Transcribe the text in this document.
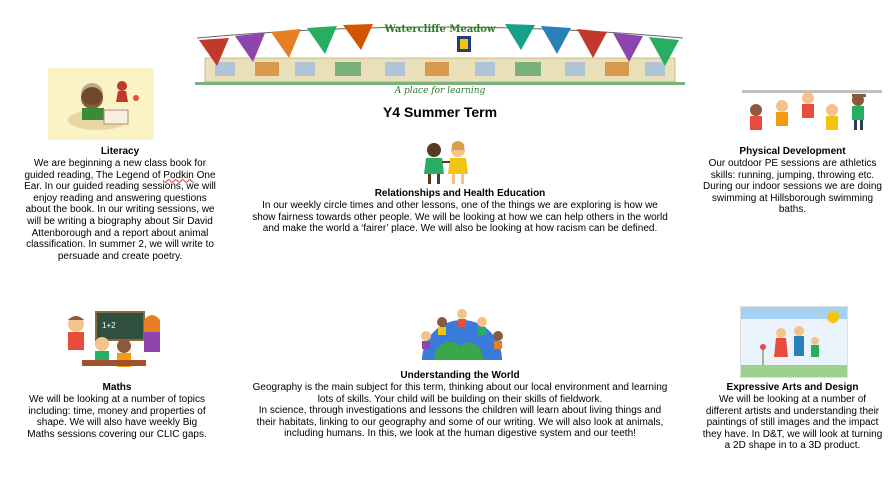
Watercliffe Meadow
A place for learning
Y4 Summer Term
Literacy
We are beginning a new class book for guided reading, The Legend of Podkin One Ear. In our guided reading sessions, we will enjoy reading and answering questions about the book. In our writing sessions, we will be writing a biography about Sir David Attenborough and a report about animal classification. In summer 2, we will write to persuade and create poetry.
Relationships and Health Education
In our weekly circle times and other lessons, one of the things we are exploring is how we show fairness towards other people. We will be looking at how we can help others in the world and make the world a ‘fairer’ place. We will also be looking at how racism can be defined.
Physical Development
Our outdoor PE sessions are athletics skills: running, jumping, throwing etc. During our indoor sessions we are doing swimming at Hillsborough swimming baths.
1+2
Maths
We will be looking at a number of topics including: time, money and properties of shape. We will also have weekly Big Maths sessions covering our CLIC gaps.
Understanding the World
Geography is the main subject for this term, thinking about our local environment and learning lots of skills. Your child will be building on their skills of fieldwork.
In science, through investigations and lessons the children will learn about living things and their habitats, linking to our geography and some of our writing. We will also look at animals, including humans. In this, we look at the human digestive system and our teeth!
Expressive Arts and Design
We will be looking at a number of different artists and understanding their paintings of still images and the impact they have. In D&T, we will look at turning a 2D shape in to a 3D product.
